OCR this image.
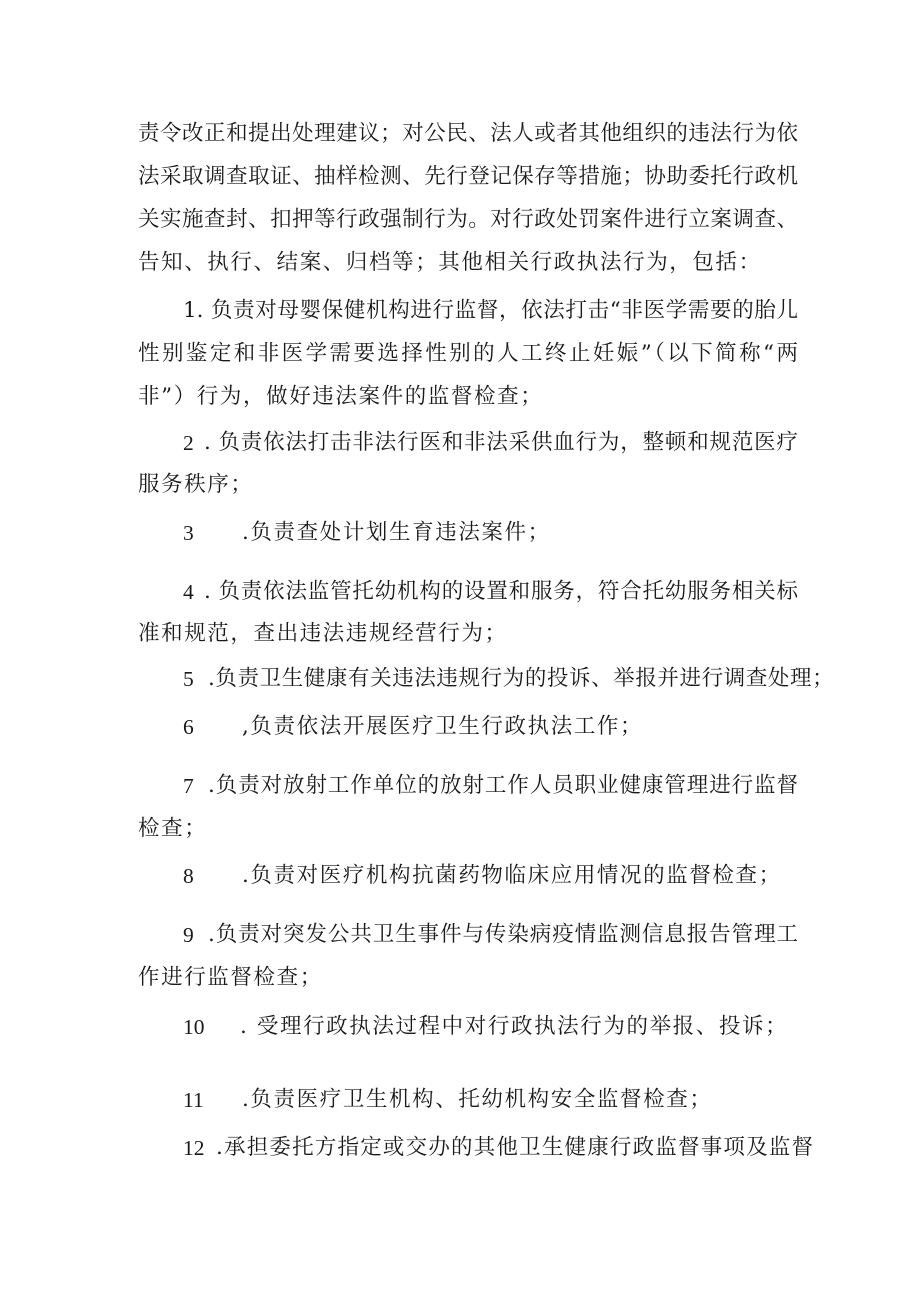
责令改正和提出处理建议；对公民、法人或者其他组织的违法行为依
法采取调查取证、抽样检测、先行登记保存等措施；协助委托行政机
关实施查封、扣押等行政强制行为。对行政处罚案件进行立案调查、
告知、执行、结案、归档等；其他相关行政执法行为，包括：
1. 负责对母婴保健机构进行监督，依法打击“非医学需要的胎儿
性别鉴定和非医学需要选择性别的人工终止妊娠”（以下简称“两
非”）行为，做好违法案件的监督检查；
2 . 负责依法打击非法行医和非法采供血行为，整顿和规范医疗
服务秩序；
3 .负责查处计划生育违法案件；
4 . 负责依法监管托幼机构的设置和服务，符合托幼服务相关标
准和规范，查出违法违规经营行为；
5 .负责卫生健康有关违法违规行为的投诉、举报并进行调查处理；
6 ,负责依法开展医疗卫生行政执法工作；
7 .负责对放射工作单位的放射工作人员职业健康管理进行监督
检查；
8 .负责对医疗机构抗菌药物临床应用情况的监督检查；
9 .负责对突发公共卫生事件与传染病疫情监测信息报告管理工
作进行监督检查；
10 . 受理行政执法过程中对行政执法行为的举报、投诉；
11 .负责医疗卫生机构、托幼机构安全监督检查；
12 .承担委托方指定或交办的其他卫生健康行政监督事项及监督
